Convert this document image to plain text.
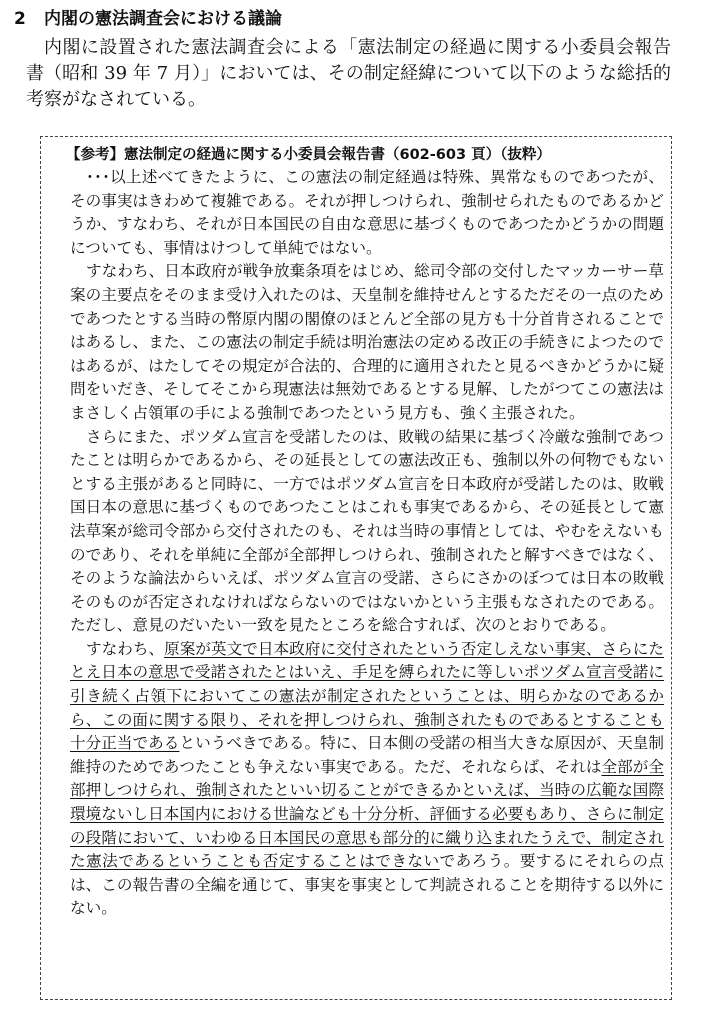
2 内閣の憲法調査会における議論

内閣に設置された憲法調査会による「憲法制定の経過に関する小委員会報告書（昭和 39 年 7 月）」においては、その制定経緯について以下のような総括的考察がなされている。

【参考】憲法制定の経過に関する小委員会報告書（602-603 頁）（抜粋）

･･･以上述べてきたように、この憲法の制定経過は特殊、異常なものであつたが、その事実はきわめて複雑である。それが押しつけられ、強制せられたものであるかどうか、すなわち、それが日本国民の自由な意思に基づくものであつたかどうかの問題についても、事情はけつして単純ではない。

すなわち、日本政府が戦争放棄条項をはじめ、総司令部の交付したマッカーサー草案の主要点をそのまま受け入れたのは、天皇制を維持せんとするただその一点のためであつたとする当時の幣原内閣の閣僚のほとんど全部の見方も十分首肯されることではあるし、また、この憲法の制定手続は明治憲法の定める改正の手続きによつたのではあるが、はたしてその規定が合法的、合理的に適用されたと見るべきかどうかに疑問をいだき、そしてそこから現憲法は無効であるとする見解、したがつてこの憲法はまさしく占領軍の手による強制であつたという見方も、強く主張された。

さらにまた、ポツダム宣言を受諾したのは、敗戦の結果に基づく冷厳な強制であつたことは明らかであるから、その延長としての憲法改正も、強制以外の何物でもないとする主張があると同時に、一方ではポツダム宣言を日本政府が受諾したのは、敗戦国日本の意思に基づくものであつたことはこれも事実であるから、その延長として憲法草案が総司令部から交付されたのも、それは当時の事情としては、やむをえないものであり、それを単純に全部が全部押しつけられ、強制されたと解すべきではなく、そのような論法からいえば、ポツダム宣言の受諾、さらにさかのぼつては日本の敗戦そのものが否定されなければならないのではないかという主張もなされたのである。ただし、意見のだいたい一致を見たところを総合すれば、次のとおりである。

すなわち、原案が英文で日本政府に交付されたという否定しえない事実、さらにたとえ日本の意思で受諾されたとはいえ、手足を縛られたに等しいポツダム宣言受諾に引き続く占領下においてこの憲法が制定されたということは、明らかなのであるから、この面に関する限り、それを押しつけられ、強制されたものであるとすることも十分正当であるというべきである。特に、日本側の受諾の相当大きな原因が、天皇制維持のためであつたことも争えない事実である。ただ、それならば、それは全部が全部押しつけられ、強制されたといい切ることができるかといえば、当時の広範な国際環境ないし日本国内における世論なども十分分析、評価する必要もあり、さらに制定の段階において、いわゆる日本国民の意思も部分的に織り込まれたうえで、制定された憲法であるということも否定することはできないであろう。要するにそれらの点は、この報告書の全編を通じて、事実を事実として判読されることを期待する以外にない。
